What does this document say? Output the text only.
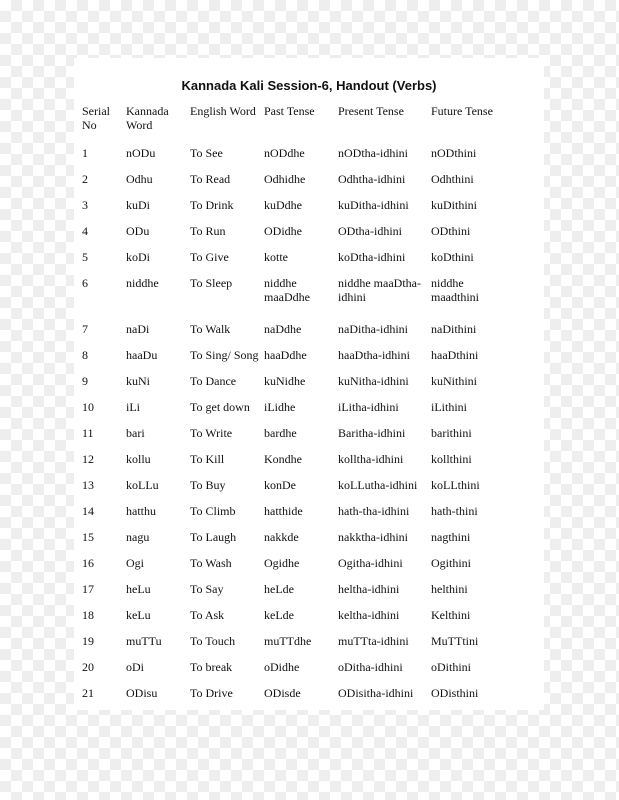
Kannada Kali Session-6, Handout (Verbs)
Serial No	Kannada Word	English Word	Past Tense	Present Tense	Future Tense
1	nODu	To See	nODdhe	nODtha-idhini	nODthini
2	Odhu	To Read	Odhidhe	Odhtha-idhini	Odhthini
3	kuDi	To Drink	kuDdhe	kuDitha-idhini	kuDithini
4	ODu	To Run	ODidhe	ODtha-idhini	ODthini
5	koDi	To Give	kotte	koDtha-idhini	koDthini
6	niddhe	To Sleep	niddhe maaDdhe	niddhe maaDtha-idhini	niddhe maadthini
7	naDi	To Walk	naDdhe	naDitha-idhini	naDithini
8	haaDu	To Sing/ Song	haaDdhe	haaDtha-idhini	haaDthini
9	kuNi	To Dance	kuNidhe	kuNitha-idhini	kuNithini
10	iLi	To get down	iLidhe	iLitha-idhini	iLithini
11	bari	To Write	bardhe	Baritha-idhini	barithini
12	kollu	To Kill	Kondhe	kolltha-idhini	kollthini
13	koLLu	To Buy	konDe	koLLutha-idhini	koLLthini
14	hatthu	To Climb	hatthide	hath-tha-idhini	hath-thini
15	nagu	To Laugh	nakkde	nakktha-idhini	nagthini
16	Ogi	To Wash	Ogidhe	Ogitha-idhini	Ogithini
17	heLu	To Say	heLde	heltha-idhini	helthini
18	keLu	To Ask	keLde	keltha-idhini	Kelthini
19	muTTu	To Touch	muTTdhe	muTTta-idhini	MuTTtini
20	oDi	To break	oDidhe	oDitha-idhini	oDithini
21	ODisu	To Drive	ODisde	ODisitha-idhini	ODisthini
